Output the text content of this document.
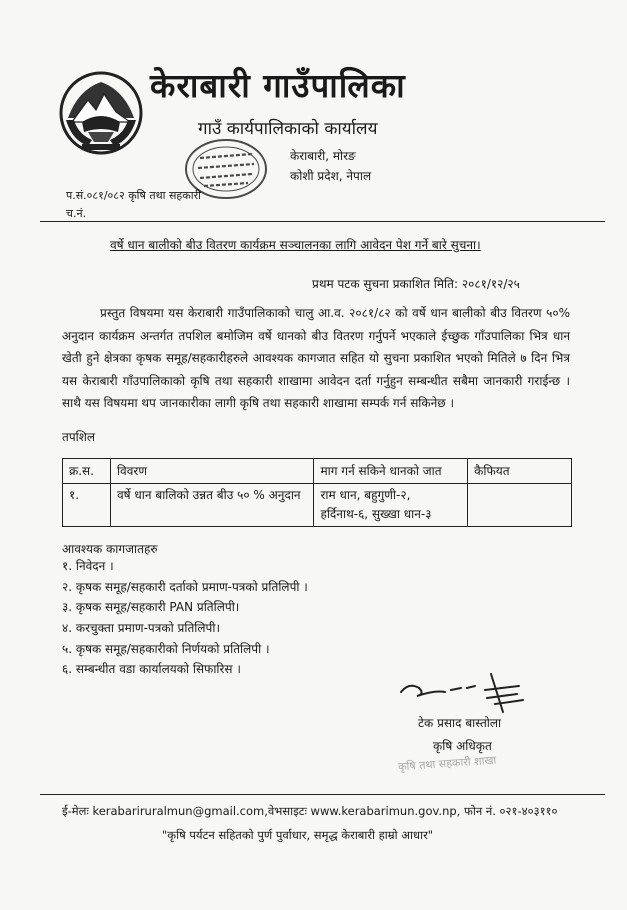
केराबारी गाउँपालिका
गाउँ कार्यपालिकाको कार्यालय
केराबारी, मोरङ
कोशी प्रदेश, नेपाल
प.सं.०८१/०८२ कृषि तथा सहकारी
च.नं.
वर्षे धान बालीको बीउ वितरण कार्यक्रम सञ्चालनका लागि आवेदन पेश गर्ने बारे सुचना।
प्रथम पटक सुचना प्रकाशित मिति: २०८१/१२/२५
प्रस्तुत विषयमा यस केराबारी गाउँपालिकाको चालु आ.व. २०८१/८२ को वर्षे धान बालीको बीउ वितरण ५०% अनुदान कार्यक्रम अन्तर्गत तपशिल बमोजिम वर्षे धानको बीउ वितरण गर्नुपर्ने भएकाले ईच्छुक गाँउपालिका भित्र धान खेती हुने क्षेत्रका कृषक समूह/सहकारीहरुले आवश्यक कागजात सहित यो सुचना प्रकाशित भएको मितिले ७ दिन भित्र यस केराबारी गाँउपालिकाको कृषि तथा सहकारी शाखामा आवेदन दर्ता गर्नुहुन सम्बन्धीत सबैमा जानकारी गराईन्छ । साथै यस विषयमा थप जानकारीका लागी कृषि तथा सहकारी शाखामा सम्पर्क गर्न सकिनेछ ।
तपशिल
क्र.स.	विवरण	माग गर्न सकिने धानको जात	कैफियत
१.	वर्षे धान बालिको उन्नत बीउ ५० % अनुदान	राम धान, बहुगुणी-२, हर्दिनाथ-६, सुख्खा धान-३	
आवश्यक कागजातहरु
१. निवेदन ।
२. कृषक समूह/सहकारी दर्ताको प्रमाण-पत्रको प्रतिलिपी ।
३. कृषक समूह/सहकारी PAN प्रतिलिपी।
४. करचुक्ता प्रमाण-पत्रको प्रतिलिपी।
५. कृषक समूह/सहकारीको निर्णयको प्रतिलिपी ।
६. सम्बन्धीत वडा कार्यालयको सिफारिस ।
टेक प्रसाद बास्तोला
कृषि अधिकृत
कृषि तथा सहकारी शाखा
ई-मेलः kerabariruralmun@gmail.com,वेभसाइटः www.kerabarimun.gov.np, फोन नं. ०२१-४०३११०
"कृषि पर्यटन सहितको पुर्ण पुर्वाधार, समृद्ध केराबारी हाम्रो आधार"
